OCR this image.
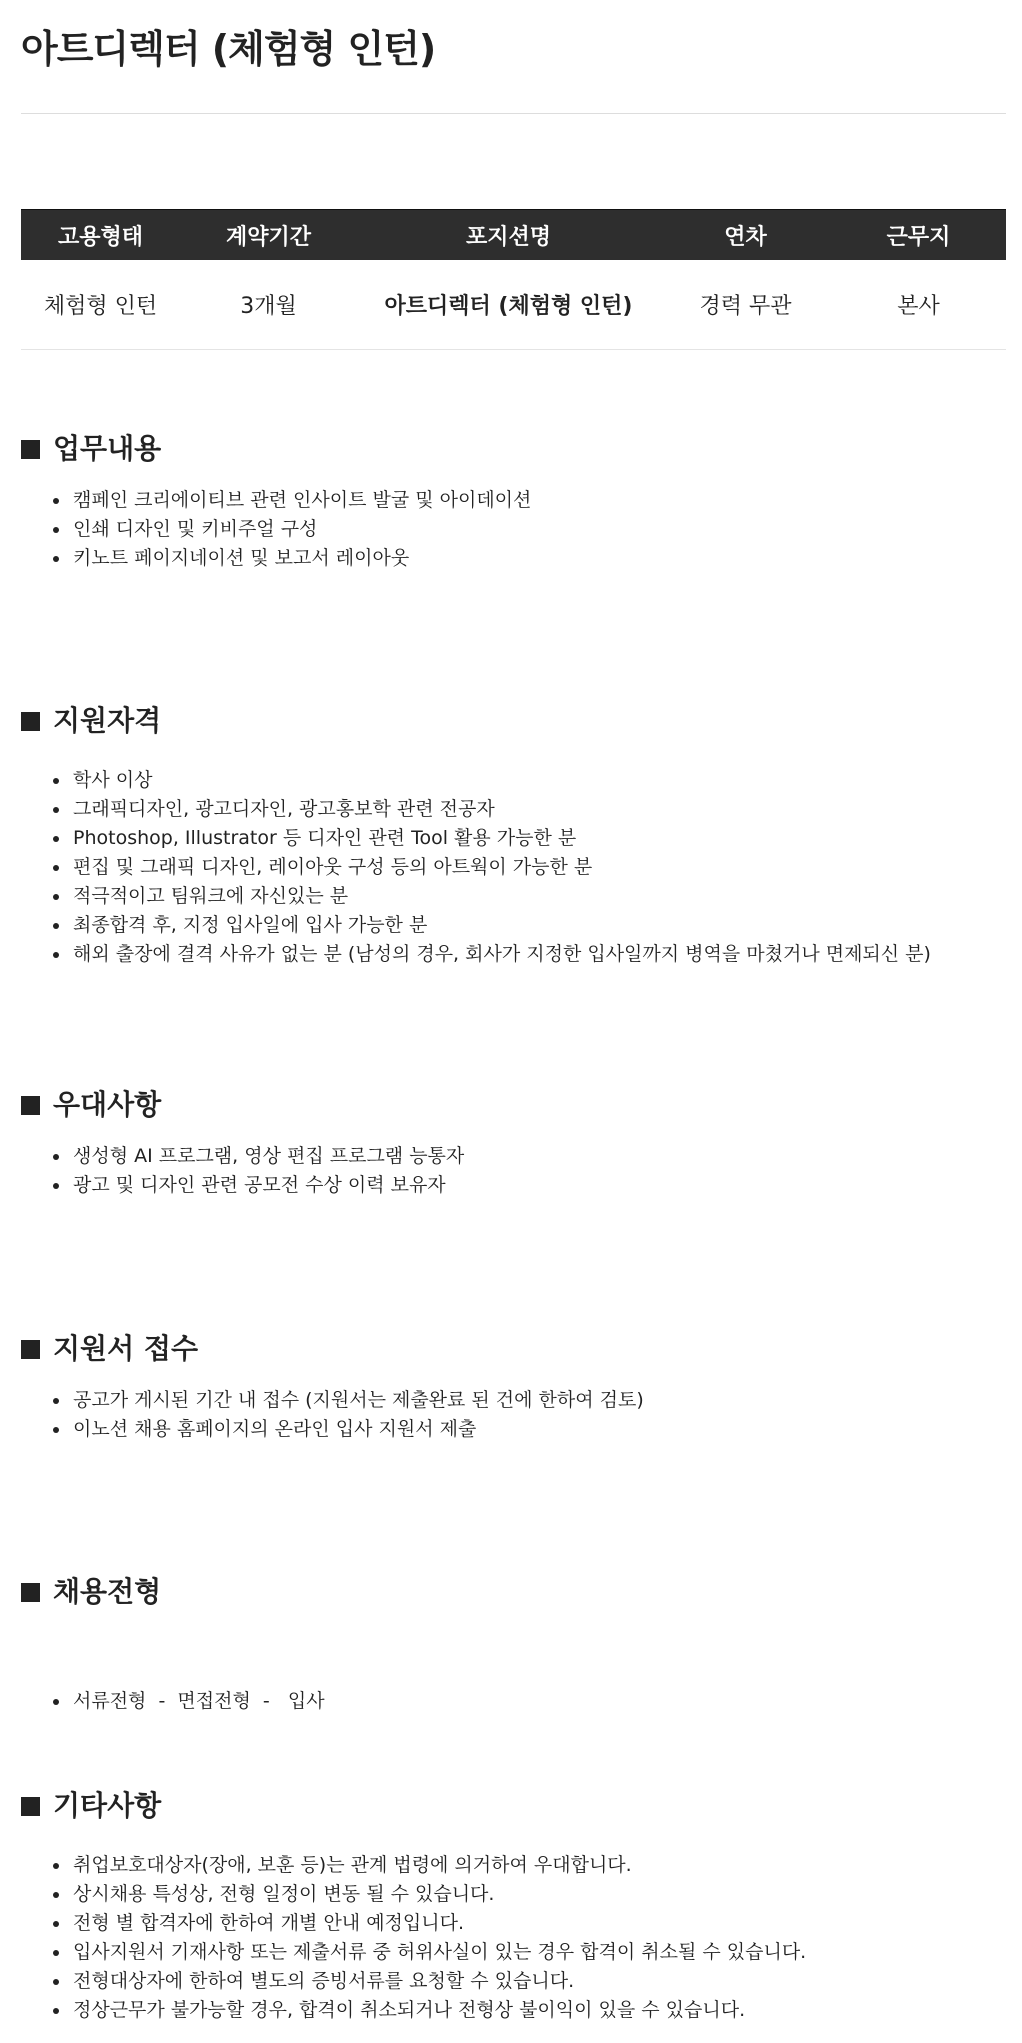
아트디렉터 (체험형 인턴)
고용형태	계약기간	포지션명	연차	근무지
체험형 인턴	3개월	아트디렉터 (체험형 인턴)	경력 무관	본사
업무내용
• 캠페인 크리에이티브 관련 인사이트 발굴 및 아이데이션
• 인쇄 디자인 및 키비주얼 구성
• 키노트 페이지네이션 및 보고서 레이아웃
지원자격
• 학사 이상
• 그래픽디자인, 광고디자인, 광고홍보학 관련 전공자
• Photoshop, Illustrator 등 디자인 관련 Tool 활용 가능한 분
• 편집 및 그래픽 디자인, 레이아웃 구성 등의 아트웍이 가능한 분
• 적극적이고 팀워크에 자신있는 분
• 최종합격 후, 지정 입사일에 입사 가능한 분
• 해외 출장에 결격 사유가 없는 분 (남성의 경우, 회사가 지정한 입사일까지 병역을 마쳤거나 면제되신 분)
우대사항
• 생성형 AI 프로그램, 영상 편집 프로그램 능통자
• 광고 및 디자인 관련 공모전 수상 이력 보유자
지원서 접수
• 공고가 게시된 기간 내 접수 (지원서는 제출완료 된 건에 한하여 검토)
• 이노션 채용 홈페이지의 온라인 입사 지원서 제출
채용전형

• 서류전형  -  면접전형  -   입사

기타사항
• 취업보호대상자(장애, 보훈 등)는 관계 법령에 의거하여 우대합니다.
• 상시채용 특성상, 전형 일정이 변동 될 수 있습니다.
• 전형 별 합격자에 한하여 개별 안내 예정입니다.
• 입사지원서 기재사항 또는 제출서류 중 허위사실이 있는 경우 합격이 취소될 수 있습니다.
• 전형대상자에 한하여 별도의 증빙서류를 요청할 수 있습니다.
• 정상근무가 불가능할 경우, 합격이 취소되거나 전형상 불이익이 있을 수 있습니다.
